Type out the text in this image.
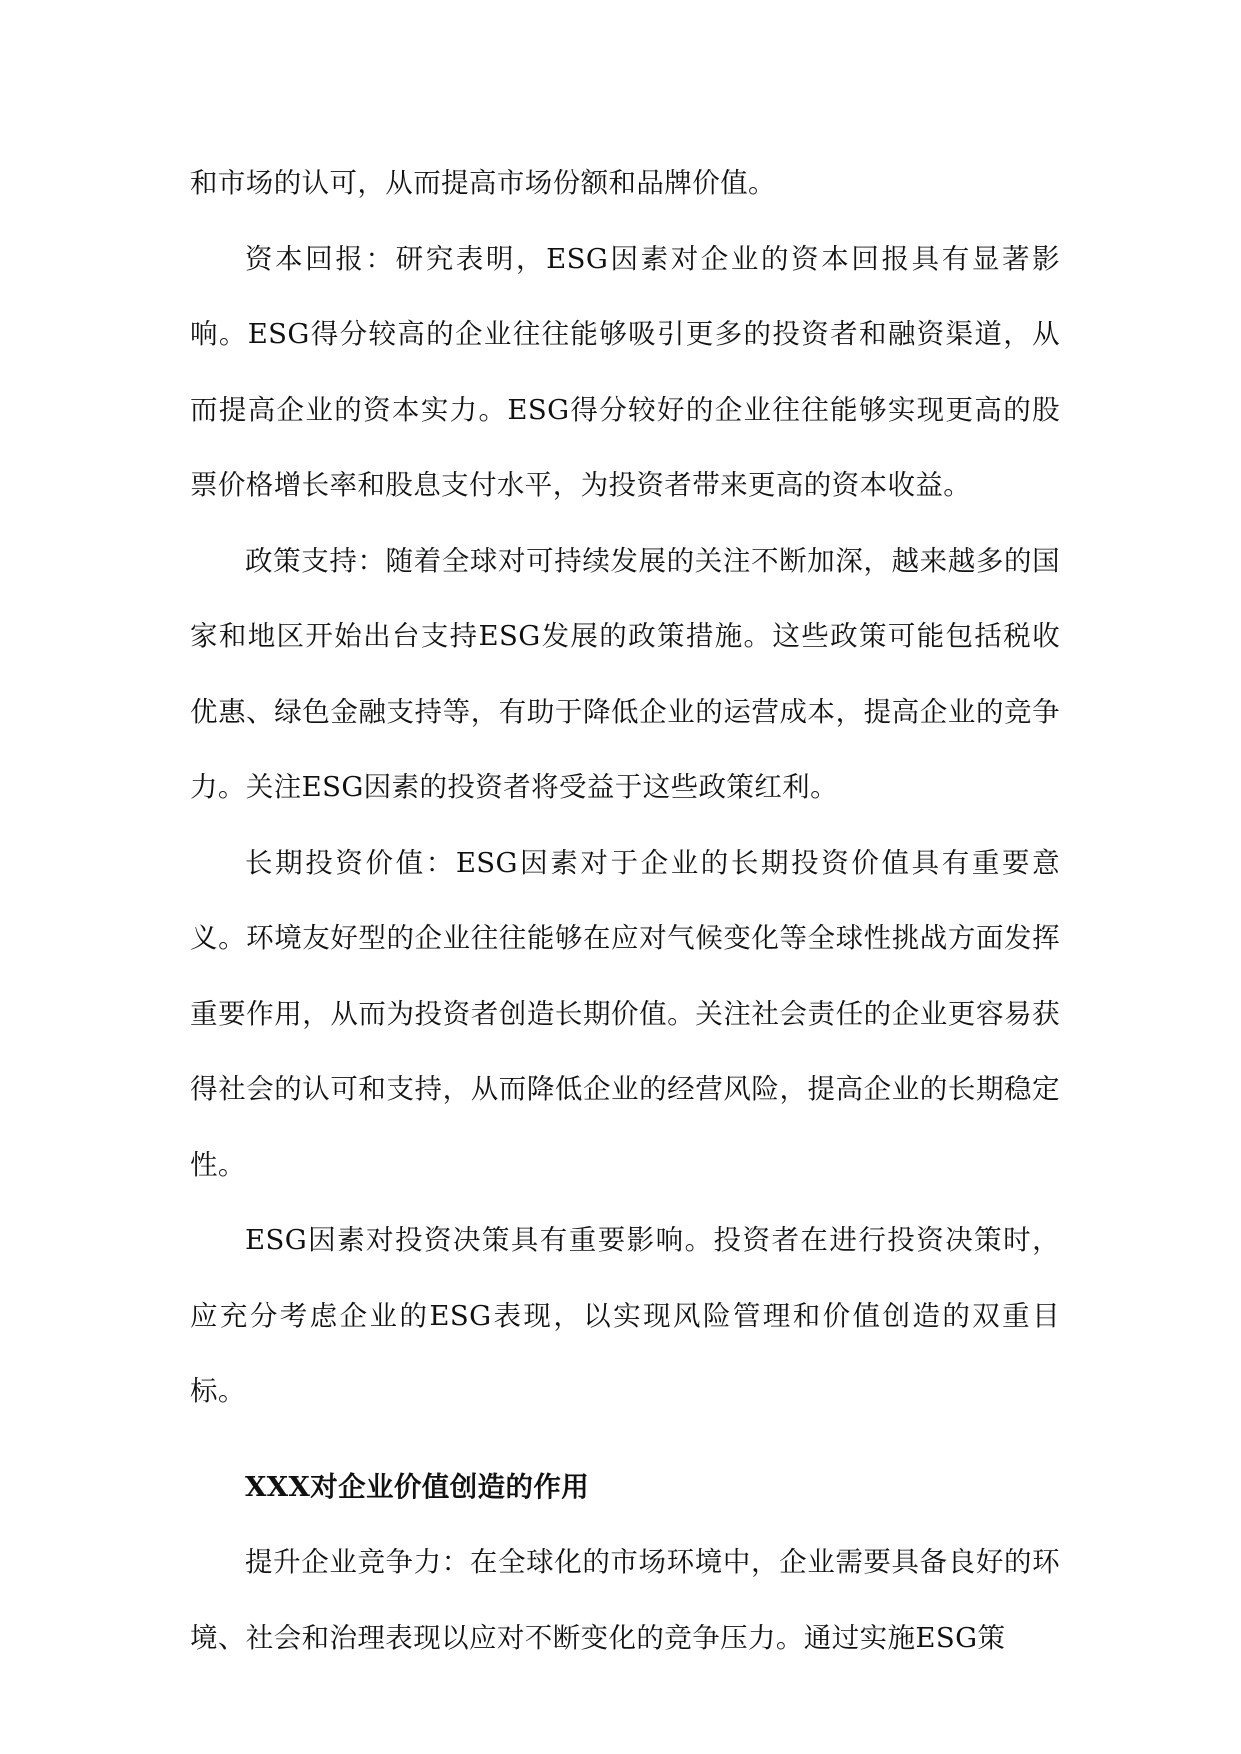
和市场的认可，从而提高市场份额和品牌价值。

资本回报：研究表明，ESG因素对企业的资本回报具有显著影响。ESG得分较高的企业往往能够吸引更多的投资者和融资渠道，从而提高企业的资本实力。ESG得分较好的企业往往能够实现更高的股票价格增长率和股息支付水平，为投资者带来更高的资本收益。

政策支持：随着全球对可持续发展的关注不断加深，越来越多的国家和地区开始出台支持ESG发展的政策措施。这些政策可能包括税收优惠、绿色金融支持等，有助于降低企业的运营成本，提高企业的竞争力。关注ESG因素的投资者将受益于这些政策红利。

长期投资价值：ESG因素对于企业的长期投资价值具有重要意义。环境友好型的企业往往能够在应对气候变化等全球性挑战方面发挥重要作用，从而为投资者创造长期价值。关注社会责任的企业更容易获得社会的认可和支持，从而降低企业的经营风险，提高企业的长期稳定性。

ESG因素对投资决策具有重要影响。投资者在进行投资决策时，应充分考虑企业的ESG表现，以实现风险管理和价值创造的双重目标。

XXX对企业价值创造的作用

提升企业竞争力：在全球化的市场环境中，企业需要具备良好的环境、社会和治理表现以应对不断变化的竞争压力。通过实施ESG策
